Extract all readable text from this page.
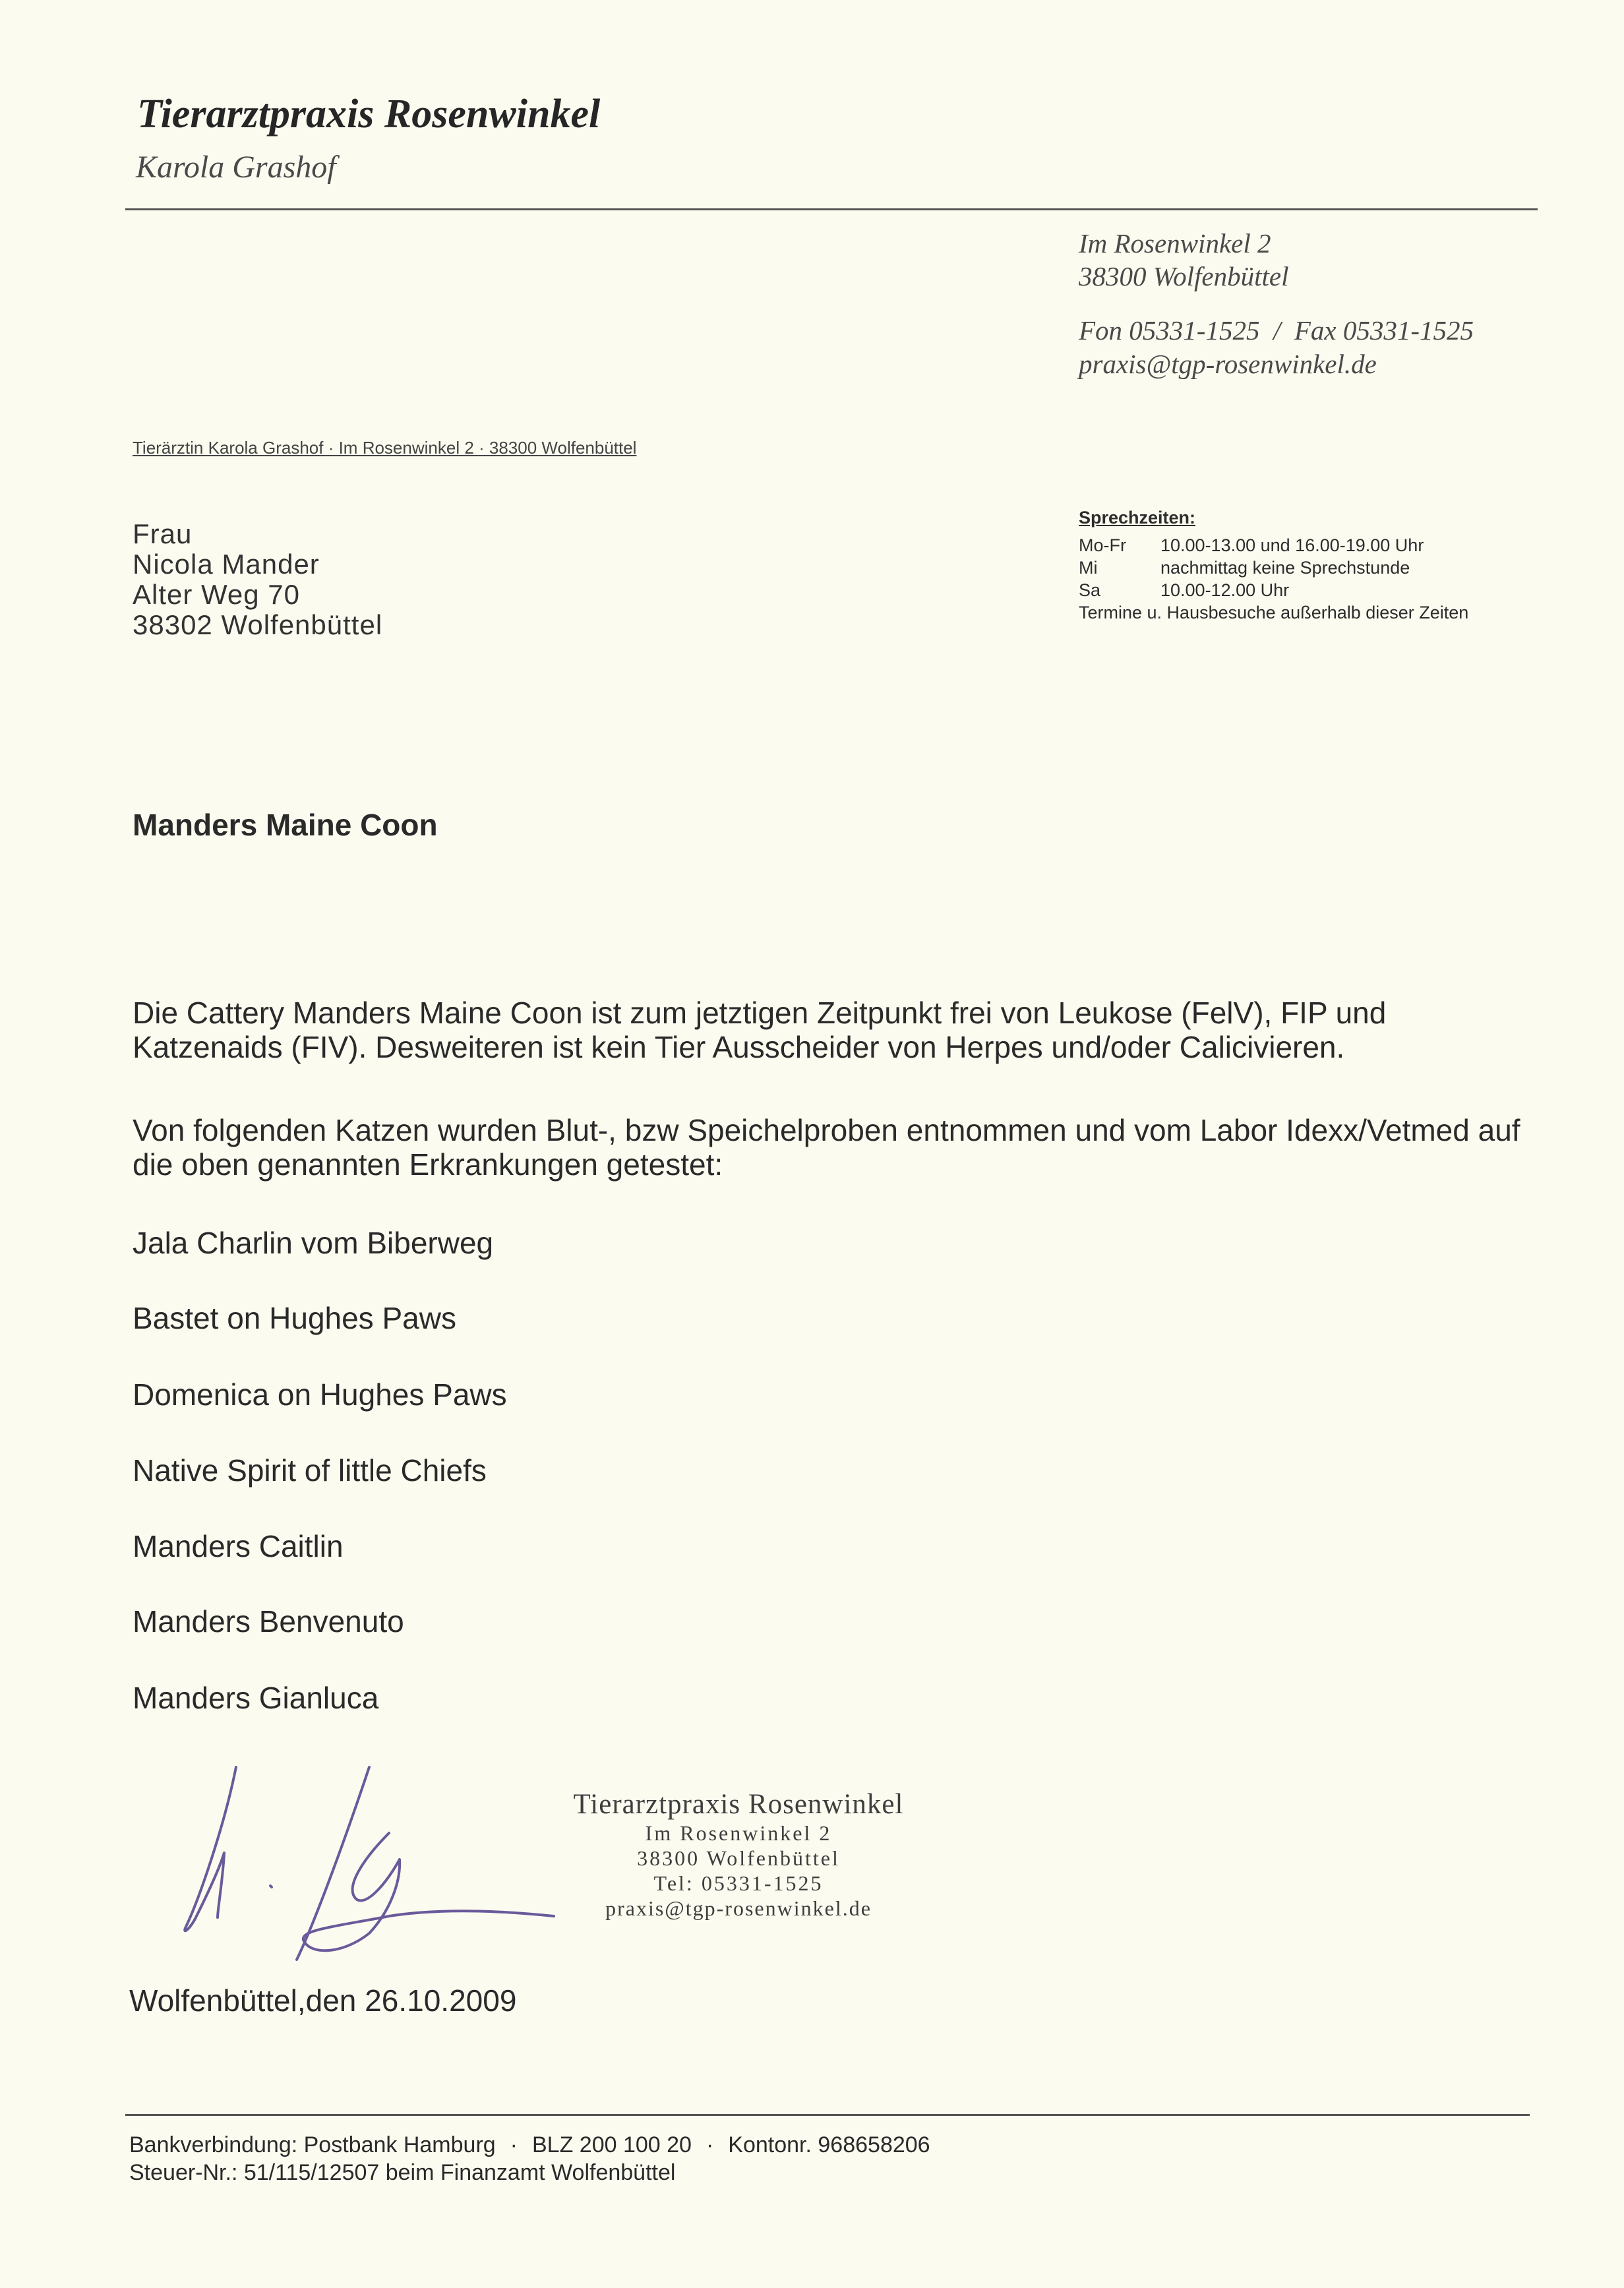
Tierarztpraxis Rosenwinkel
Karola Grashof
Im Rosenwinkel 2
38300 Wolfenbüttel
Fon 05331-1525  /  Fax 05331-1525
praxis@tgp-rosenwinkel.de
Tierärztin Karola Grashof · Im Rosenwinkel 2 · 38300 Wolfenbüttel
Frau
Nicola Mander
Alter Weg 70
38302 Wolfenbüttel
Sprechzeiten:
Mo-Fr 10.00-13.00 und 16.00-19.00 Uhr
Mi	nachmittag keine Sprechstunde
Sa	10.00-12.00 Uhr
Termine u. Hausbesuche außerhalb dieser Zeiten
Manders Maine Coon
Die Cattery Manders Maine Coon ist zum jetztigen Zeitpunkt frei von Leukose (FelV), FIP und Katzenaids (FIV). Desweiteren ist kein Tier Ausscheider von Herpes und/oder Calicivieren.
Von folgenden Katzen wurden Blut-, bzw Speichelproben entnommen und vom Labor Idexx/Vetmed auf die oben genannten Erkrankungen getestet:
Jala Charlin vom Biberweg
Bastet on Hughes Paws
Domenica on Hughes Paws
Native Spirit of little Chiefs
Manders Caitlin
Manders Benvenuto
Manders Gianluca
Tierarztpraxis Rosenwinkel
Im Rosenwinkel 2
38300 Wolfenbüttel
Tel: 05331-1525
praxis@tgp-rosenwinkel.de
Wolfenbüttel,den 26.10.2009
Bankverbindung: Postbank Hamburg · BLZ 200 100 20 · Kontonr. 968658206
Steuer-Nr.: 51/115/12507 beim Finanzamt Wolfenbüttel
